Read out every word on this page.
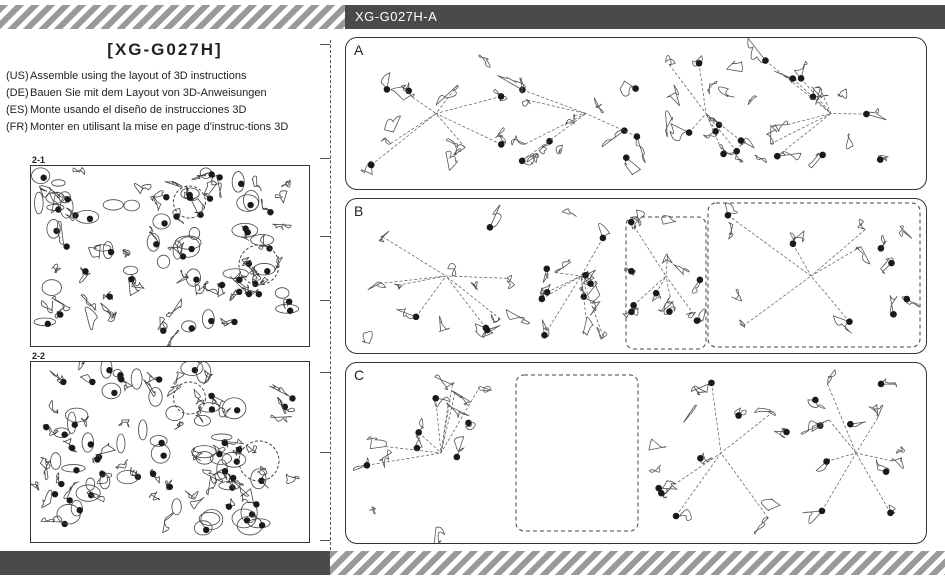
XG-G027H-A
[XG-G027H]
(US)Assemble using the layout of 3D instructions
(DE)Bauen Sie mit dem Layout von 3D-Anweisungen
(ES) Monte usando el diseño de instrucciones 3D
(FR) Monter en utilisant la mise en page d'instruc-tions 3D
2-1
2-2
A
B
C
